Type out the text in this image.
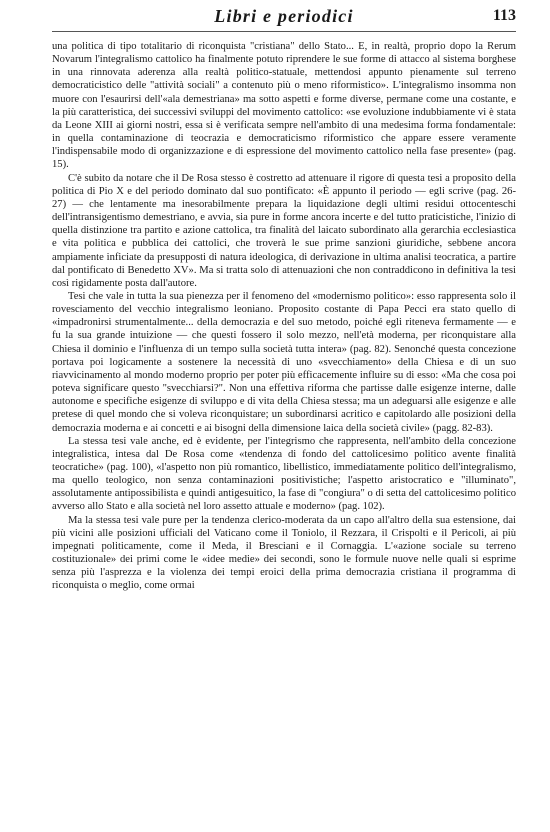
Libri e periodici	113

una politica di tipo totalitario di riconquista "cristiana" dello Stato... E, in realtà, proprio dopo la Rerum Novarum l'integralismo cattolico ha finalmente potuto riprendere le sue forme di attacco al sistema borghese in una rinnovata aderenza alla realtà politico-statuale, mettendosi appunto pienamente sul terreno democraticistico delle "attività sociali" a contenuto più o meno riformistico». L'integralismo insomma non muore con l'esaurirsi dell'«ala demestriana» ma sotto aspetti e forme diverse, permane come una costante, e la più caratteristica, dei successivi sviluppi del movimento cattolico: «se evoluzione indubbiamente vi è stata da Leone XIII ai giorni nostri, essa si è verificata sempre nell'ambito di una medesima forma fondamentale: in quella contaminazione di teocrazia e democraticismo riformistico che appare essere veramente l'indispensabile modo di organizzazione e di espressione del movimento cattolico nella fase presente» (pag. 15).

C'è subito da notare che il De Rosa stesso è costretto ad attenuare il rigore di questa tesi a proposito della politica di Pio X e del periodo dominato dal suo pontificato: «È appunto il periodo — egli scrive (pag. 26-27) — che lentamente ma inesorabilmente prepara la liquidazione degli ultimi residui ottocenteschi dell'intransigentismo demestriano, e avvia, sia pure in forme ancora incerte e del tutto praticistiche, l'inizio di quella distinzione tra partito e azione cattolica, tra finalità del laicato subordinato alla gerarchia ecclesiastica e vita politica e pubblica dei cattolici, che troverà le sue prime sanzioni giuridiche, sebbene ancora ampiamente inficiate da presupposti di natura ideologica, di derivazione in ultima analisi teocratica, a partire dal pontificato di Benedetto XV». Ma si tratta solo di attenuazioni che non contraddicono in definitiva la tesi così rigidamente posta dall'autore.

Tesi che vale in tutta la sua pienezza per il fenomeno del «modernismo politico»: esso rappresenta solo il rovesciamento del vecchio integralismo leoniano. Proposito costante di Papa Pecci era stato quello di «impadronirsi strumentalmente... della democrazia e del suo metodo, poiché egli riteneva fermamente — e fu la sua grande intuizione — che questi fossero il solo mezzo, nell'età moderna, per riconquistare alla Chiesa il dominio e l'influenza di un tempo sulla società tutta intera» (pag. 82). Senonché questa concezione portava poi logicamente a sostenere la necessità di uno «svecchiamento» della Chiesa e di un suo riavvicinamento al mondo moderno proprio per poter più efficacemente influire su di esso: «Ma che cosa poi poteva significare questo "svecchiarsi?". Non una effettiva riforma che partisse dalle esigenze interne, dalle autonome e specifiche esigenze di sviluppo e di vita della Chiesa stessa; ma un adeguarsi alle esigenze e alle pretese di quel mondo che si voleva riconquistare; un subordinarsi acritico e capitolardo alle posizioni della democrazia moderna e ai concetti e ai bisogni della dimensione laica della società civile» (pagg. 82-83).

La stessa tesi vale anche, ed è evidente, per l'integrismo che rappresenta, nell'ambito della concezione integralistica, intesa dal De Rosa come «tendenza di fondo del cattolicesimo politico avente finalità teocratiche» (pag. 100), «l'aspetto non più romantico, libellistico, immediatamente politico dell'integralismo, ma quello teologico, non senza contaminazioni positivistiche; l'aspetto aristocratico e "illuminato", assolutamente antipossibilista e quindi antigesuitico, la fase di "congiura" o di setta del cattolicesimo politico avverso allo Stato e alla società nel loro assetto attuale e moderno» (pag. 102).

Ma la stessa tesi vale pure per la tendenza clerico-moderata da un capo all'altro della sua estensione, dai più vicini alle posizioni ufficiali del Vaticano come il Toniolo, il Rezzara, il Crispolti e il Pericoli, ai più impegnati politicamente, come il Meda, il Bresciani e il Cornaggia. L'«azione sociale su terreno costituzionale» dei primi come le «idee medie» dei secondi, sono le formule nuove nelle quali si esprime senza più l'asprezza e la violenza dei tempi eroici della prima democrazia cristiana il programma di riconquista o meglio, come ormai
